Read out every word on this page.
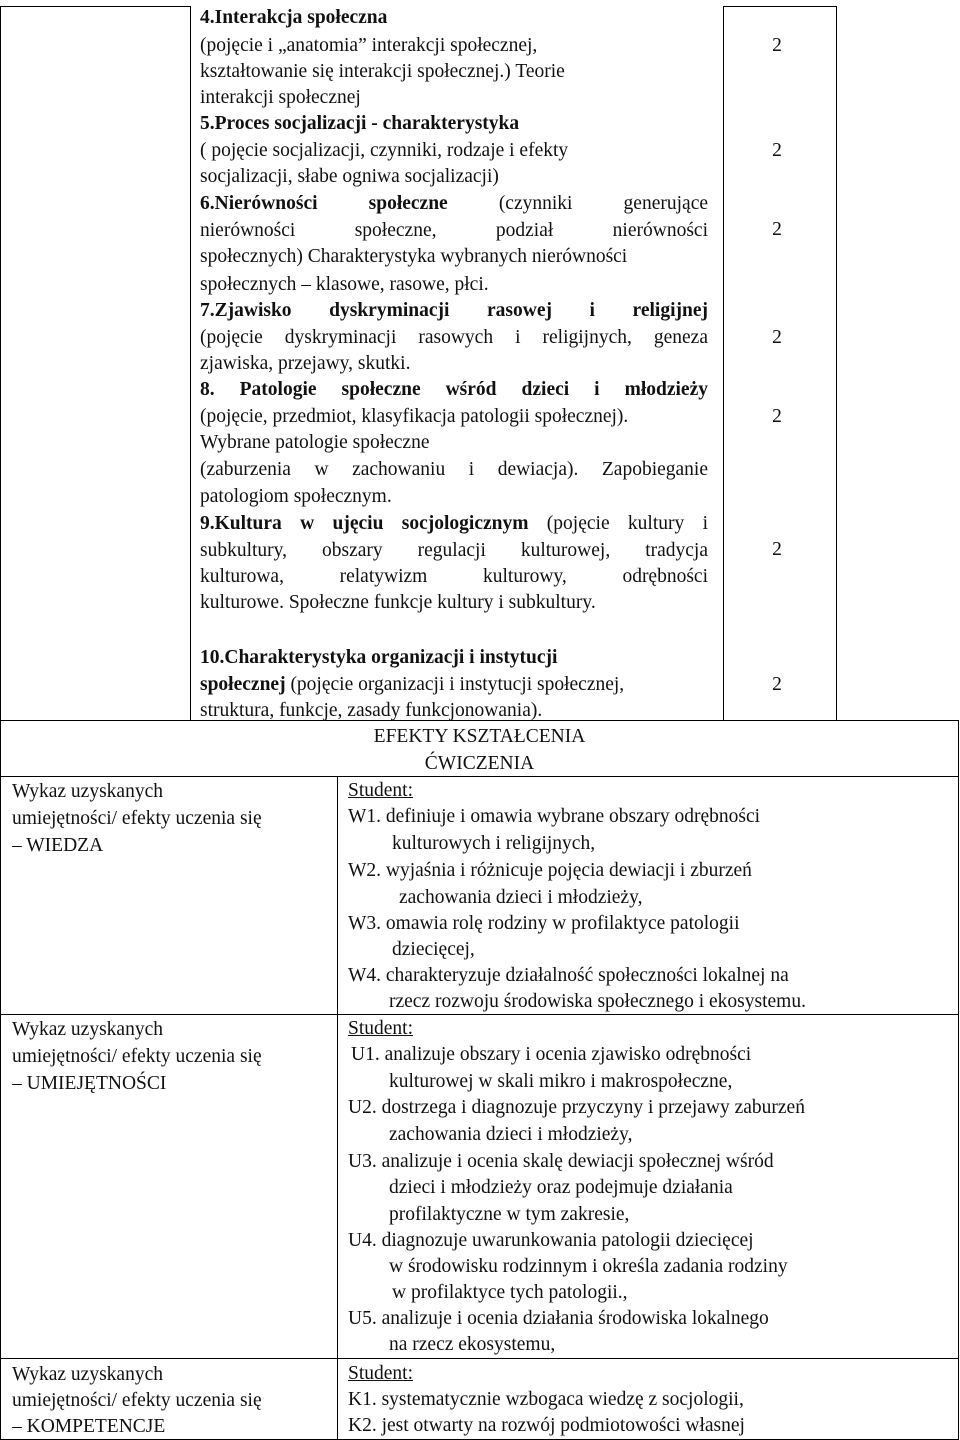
4.Interakcja społeczna
(pojęcie i „anatomia” interakcji społecznej,
kształtowanie się interakcji społecznej.) Teorie
interakcji społecznej
2
5.Proces socjalizacji - charakterystyka
( pojęcie socjalizacji, czynniki, rodzaje i efekty
socjalizacji, słabe ogniwa socjalizacji)
2
6.Nierówności społeczne (czynniki generujące
nierówności społeczne, podział nierówności
społecznych) Charakterystyka wybranych nierówności
społecznych – klasowe, rasowe, płci.
2
7.Zjawisko dyskryminacji rasowej i religijnej
(pojęcie dyskryminacji rasowych i religijnych, geneza
zjawiska, przejawy, skutki.
2
8. Patologie społeczne wśród dzieci i młodzieży
(pojęcie, przedmiot, klasyfikacja patologii społecznej).
Wybrane patologie społeczne
(zaburzenia w zachowaniu i dewiacja). Zapobieganie
patologiom społecznym.
2
9.Kultura w ujęciu socjologicznym (pojęcie kultury i
subkultury, obszary regulacji kulturowej, tradycja
kulturowa, relatywizm kulturowy, odrębności
kulturowe. Społeczne funkcje kultury i subkultury.
2
10.Charakterystyka organizacji i instytucji
społecznej (pojęcie organizacji i instytucji społecznej,
struktura, funkcje, zasady funkcjonowania).
2
EFEKTY KSZTAŁCENIA
ĆWICZENIA
Wykaz uzyskanych
umiejętności/ efekty uczenia się
– WIEDZA
Student:
W1. definiuje i omawia wybrane obszary odrębności
kulturowych i religijnych,
W2. wyjaśnia i różnicuje pojęcia dewiacji i zburzeń
zachowania dzieci i młodzieży,
W3. omawia rolę rodziny w profilaktyce patologii
dziecięcej,
W4. charakteryzuje działalność społeczności lokalnej na
rzecz rozwoju środowiska społecznego i ekosystemu.
Wykaz uzyskanych
umiejętności/ efekty uczenia się
– UMIEJĘTNOŚCI
Student:
U1. analizuje obszary i ocenia zjawisko odrębności
kulturowej w skali mikro i makrospołeczne,
U2. dostrzega i diagnozuje przyczyny i przejawy zaburzeń
zachowania dzieci i młodzieży,
U3. analizuje i ocenia skalę dewiacji społecznej wśród
dzieci i młodzieży oraz podejmuje działania
profilaktyczne w tym zakresie,
U4. diagnozuje uwarunkowania patologii dziecięcej
w środowisku rodzinnym i określa zadania rodziny
w profilaktyce tych patologii.,
U5. analizuje i ocenia działania środowiska lokalnego
na rzecz ekosystemu,
Wykaz uzyskanych
umiejętności/ efekty uczenia się
– KOMPETENCJE
Student:
K1. systematycznie wzbogaca wiedzę z socjologii,
K2. jest otwarty na rozwój podmiotowości własnej
